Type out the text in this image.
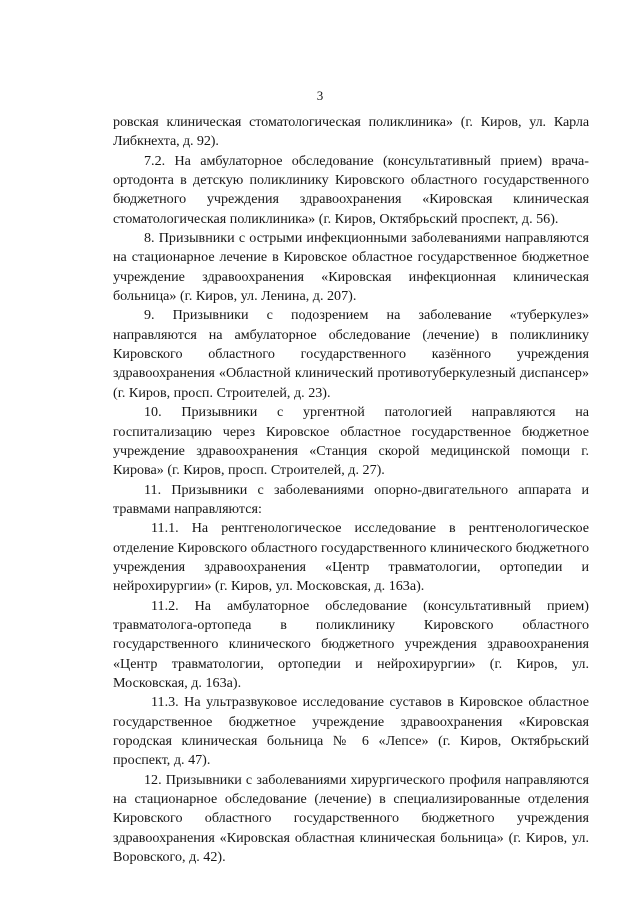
3

ровская клиническая стоматологическая поликлиника» (г. Киров, ул. Карла Либкнехта, д. 92).

7.2. На амбулаторное обследование (консультативный прием) врача-ортодонта в детскую поликлинику Кировского областного государственного бюджетного учреждения здравоохранения «Кировская клиническая стоматологическая поликлиника» (г. Киров, Октябрьский проспект, д. 56).

8. Призывники с острыми инфекционными заболеваниями направляются на стационарное лечение в Кировское областное государственное бюджетное учреждение здравоохранения «Кировская инфекционная клиническая больница» (г. Киров, ул. Ленина, д. 207).

9. Призывники с подозрением на заболевание «туберкулез» направляются на амбулаторное обследование (лечение) в поликлинику Кировского областного государственного казённого учреждения здравоохранения «Областной клинический противотуберкулезный диспансер» (г. Киров, просп. Строителей, д. 23).

10. Призывники с ургентной патологией направляются на госпитализацию через Кировское областное государственное бюджетное учреждение здравоохранения «Станция скорой медицинской помощи г. Кирова» (г. Киров, просп. Строителей, д. 27).

11. Призывники с заболеваниями опорно-двигательного аппарата и травмами направляются:

11.1. На рентгенологическое исследование в рентгенологическое отделение Кировского областного государственного клинического бюджетного учреждения здравоохранения «Центр травматологии, ортопедии и нейрохирургии» (г. Киров, ул. Московская, д. 163а).

11.2. На амбулаторное обследование (консультативный прием) травматолога-ортопеда в поликлинику Кировского областного государственного клинического бюджетного учреждения здравоохранения «Центр травматологии, ортопедии и нейрохирургии» (г. Киров, ул. Московская, д. 163а).

11.3. На ультразвуковое исследование суставов в Кировское областное государственное бюджетное учреждение здравоохранения «Кировская городская клиническая больница № 6 «Лепсе» (г. Киров, Октябрьский проспект, д. 47).

12. Призывники с заболеваниями хирургического профиля направляются на стационарное обследование (лечение) в специализированные отделения Кировского областного государственного бюджетного учреждения здравоохранения «Кировская областная клиническая больница» (г. Киров, ул. Воровского, д. 42).
